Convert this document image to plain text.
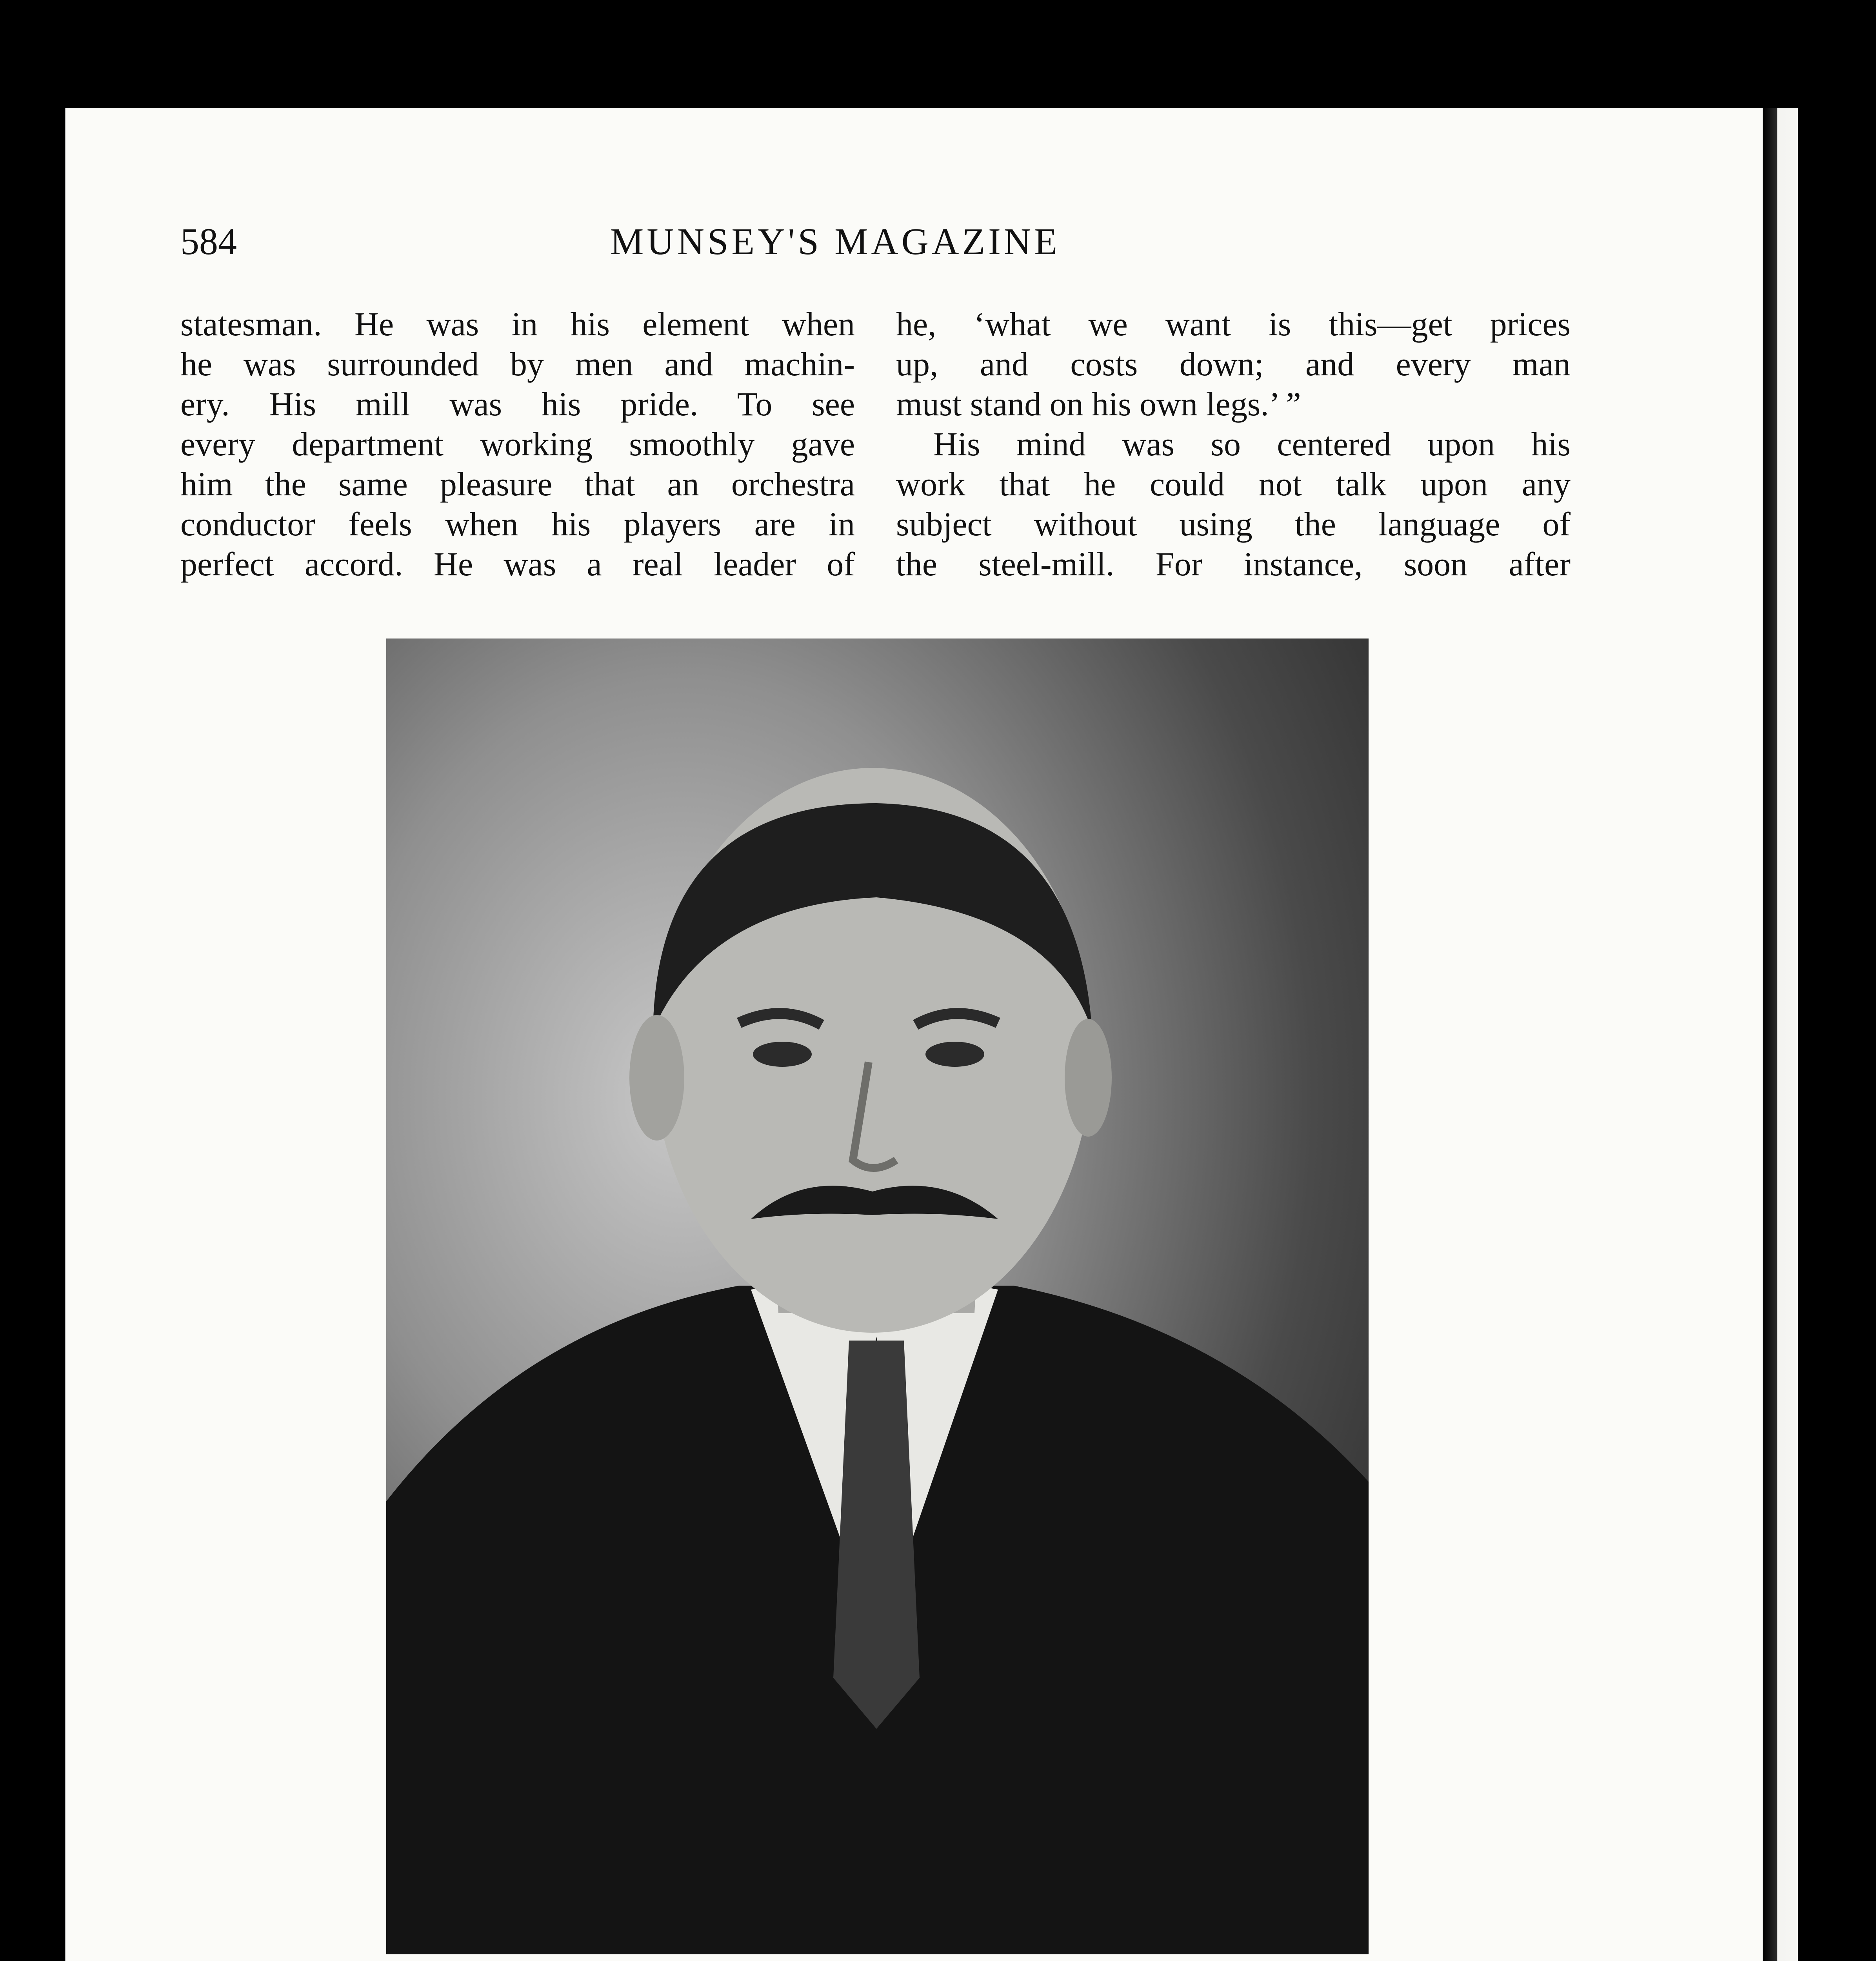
584	MUNSEY'S MAGAZINE

statesman. He was in his element when

he was surrounded by men and machin-

ery. His mill was his pride. To see

every department working smoothly gave

him the same pleasure that an orchestra

conductor feels when his players are in

perfect accord. He was a real leader of

he, ‘what we want is this—get prices

up, and costs down; and every man

must stand on his own legs.’ ”

His mind was so centered upon his

work that he could not talk upon any

subject without using the language of

the steel-mill. For instance, soon after
